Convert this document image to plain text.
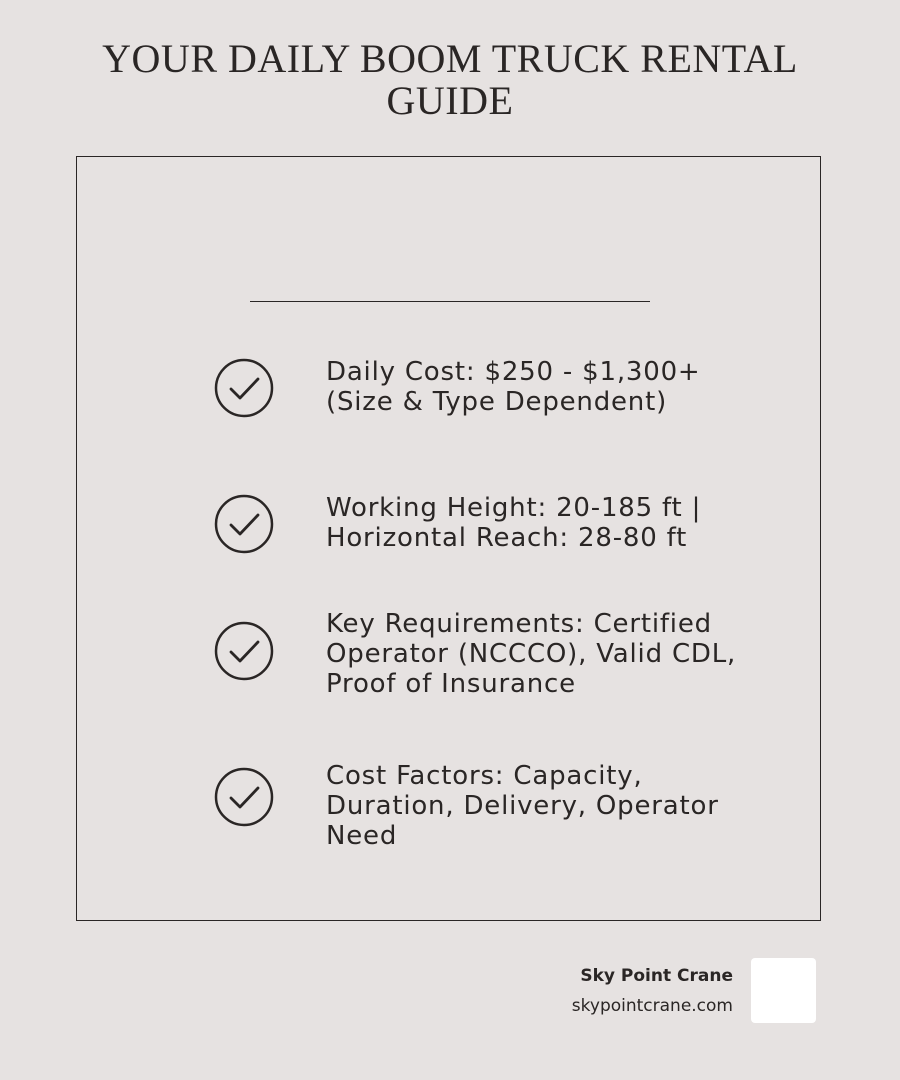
YOUR DAILY BOOM TRUCK RENTAL
GUIDE
Daily Cost: $250 - $1,300+
(Size & Type Dependent)
Working Height: 20-185 ft |
Horizontal Reach: 28-80 ft
Key Requirements: Certified
Operator (NCCCO), Valid CDL,
Proof of Insurance
Cost Factors: Capacity,
Duration, Delivery, Operator
Need
Sky Point Crane
skypointcrane.com
